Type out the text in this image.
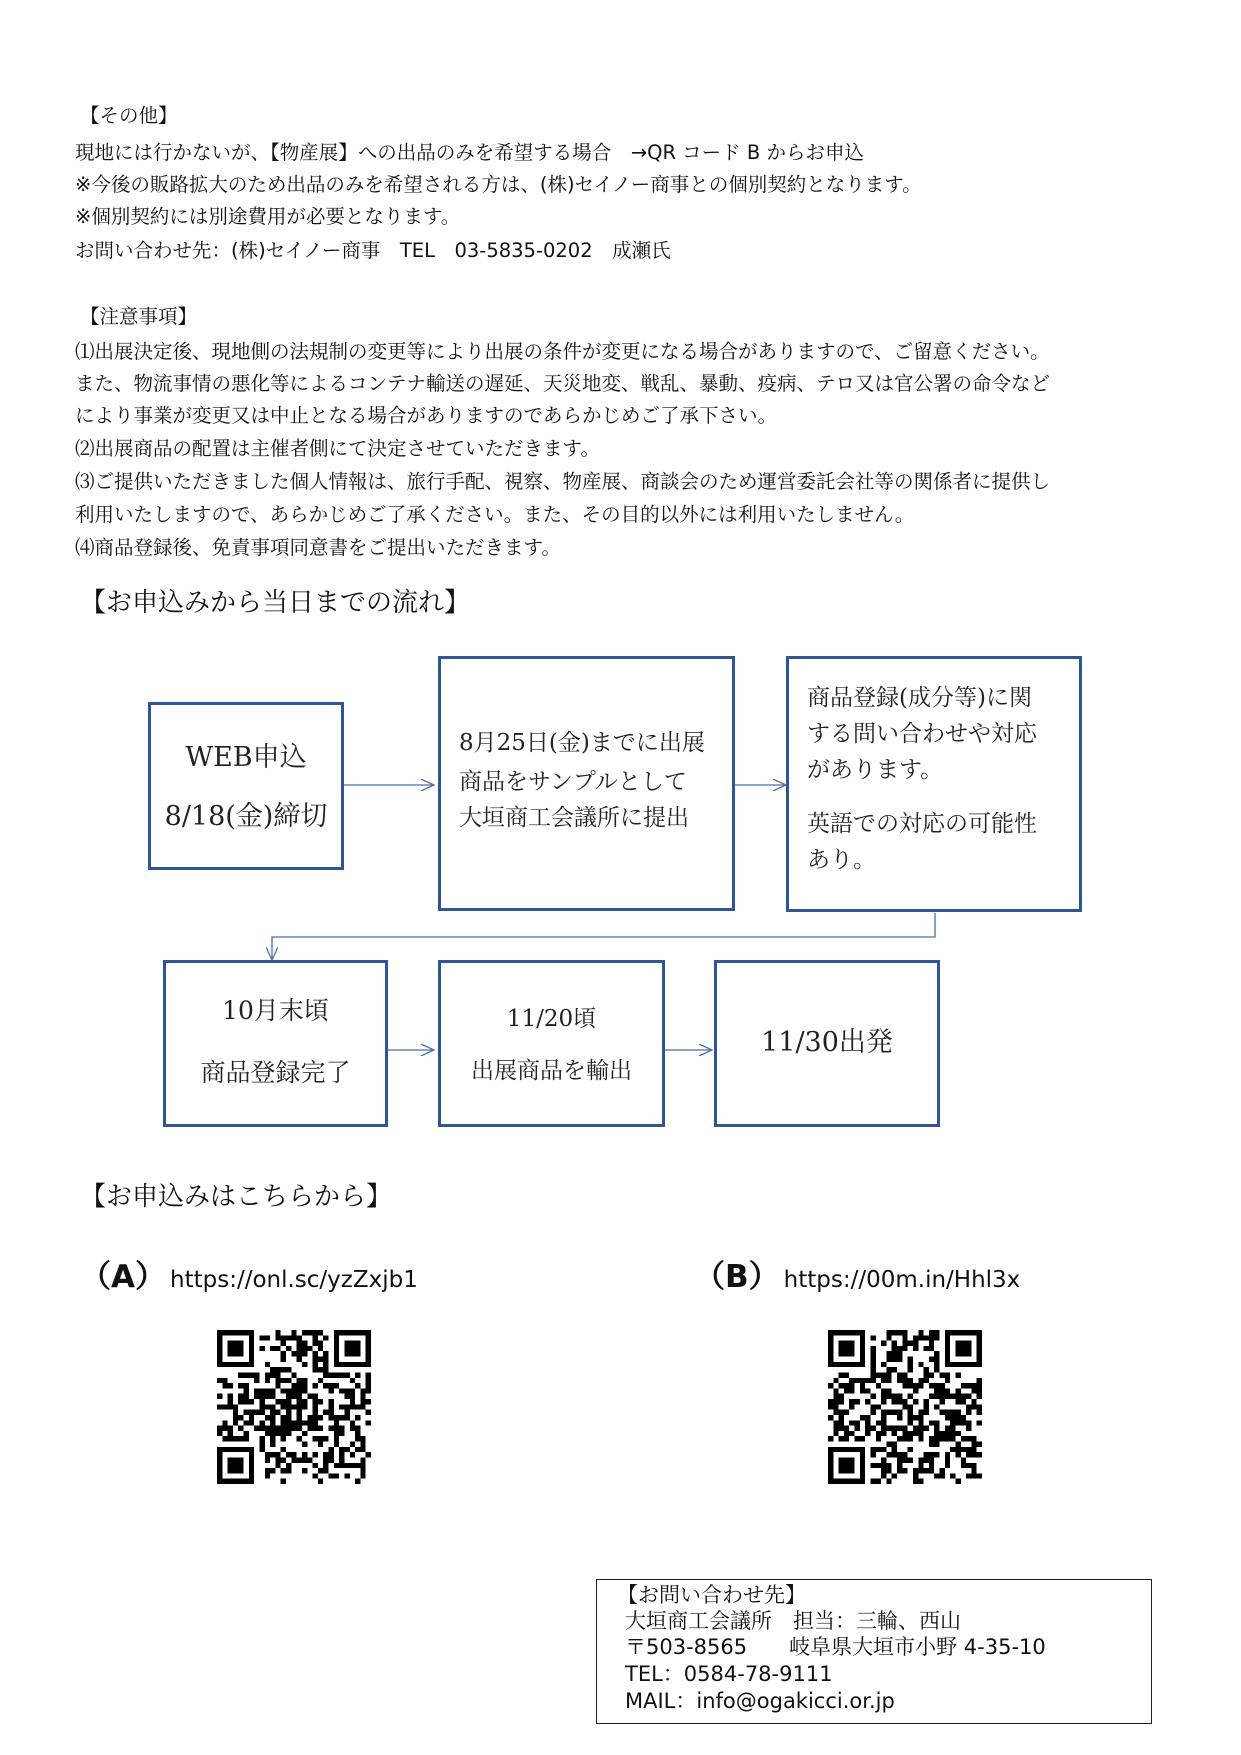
【その他】
現地には行かないが、【物産展】への出品のみを希望する場合　→QR コード B からお申込
※今後の販路拡大のため出品のみを希望される方は、(株)セイノー商事との個別契約となります。
※個別契約には別途費用が必要となります。
お問い合わせ先：(株)セイノー商事　TEL　03-5835-0202　成瀬氏
【注意事項】
⑴出展決定後、現地側の法規制の変更等により出展の条件が変更になる場合がありますので、ご留意ください。
また、物流事情の悪化等によるコンテナ輸送の遅延、天災地変、戦乱、暴動、疫病、テロ又は官公署の命令など
により事業が変更又は中止となる場合がありますのであらかじめご了承下さい。
⑵出展商品の配置は主催者側にて決定させていただきます。
⑶ご提供いただきました個人情報は、旅行手配、視察、物産展、商談会のため運営委託会社等の関係者に提供し
利用いたしますので、あらかじめご了承ください。また、その目的以外には利用いたしません。
⑷商品登録後、免責事項同意書をご提出いただきます。
【お申込みから当日までの流れ】
WEB申込
8/18(金)締切
8月25日(金)までに出展
商品をサンプルとして
大垣商工会議所に提出
商品登録(成分等)に関
する問い合わせや対応
があります。
英語での対応の可能性
あり。
10月末頃
商品登録完了
11/20頃
出展商品を輸出
11/30出発
【お申込みはこちらから】
（A） https://onl.sc/yzZxjb1	（B） https://00m.in/Hhl3x
【お問い合わせ先】
大垣商工会議所　担当：三輪、西山
〒503-8565　　岐阜県大垣市小野 4-35-10
TEL：0584-78-9111
MAIL：info@ogakicci.or.jp
